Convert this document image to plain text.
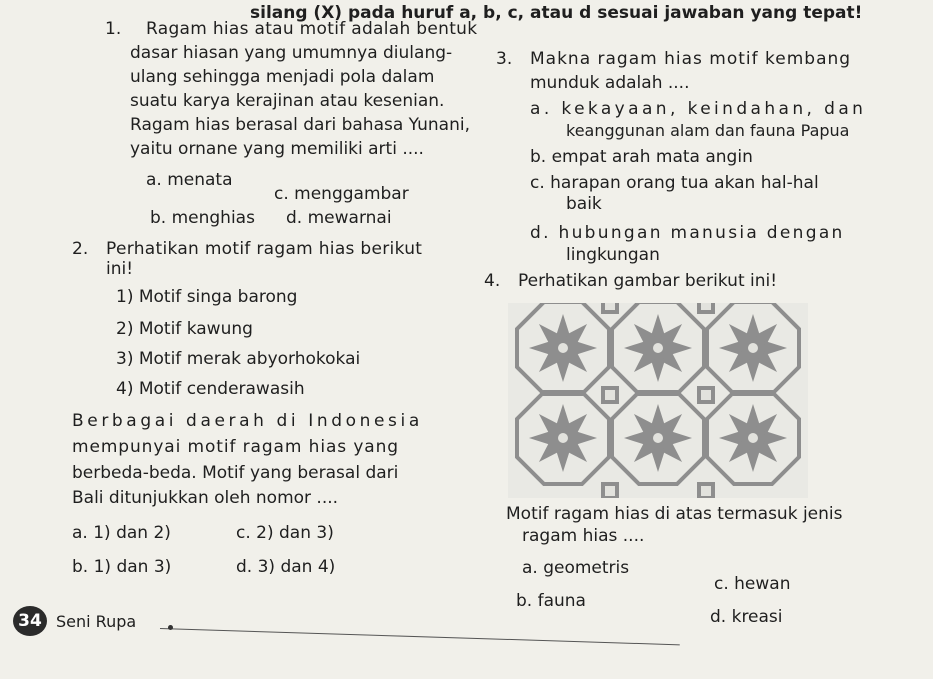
silang (X) pada huruf a, b, c, atau d sesuai jawaban yang tepat!
1. Ragam hias atau motif adalah bentuk
dasar hiasan yang umumnya diulang-
ulang sehingga menjadi pola dalam
suatu karya kerajinan atau kesenian.
Ragam hias berasal dari bahasa Yunani,
yaitu ornane yang memiliki arti ....
a. menata
c. menggambar
b. menghias d. mewarnai
2. Perhatikan motif ragam hias berikut
ini!
1) Motif singa barong
2) Motif kawung
3) Motif merak abyorhokokai
4) Motif cenderawasih
Berbagai daerah di Indonesia
mempunyai motif ragam hias yang
berbeda-beda. Motif yang berasal dari
Bali ditunjukkan oleh nomor ....
a. 1) dan 2)	c. 2) dan 3)
b. 1) dan 3)	d. 3) dan 4)
3. Makna ragam hias motif kembang
munduk adalah ....
a. kekayaan, keindahan, dan
keanggunan alam dan fauna Papua
b. empat arah mata angin
c. harapan orang tua akan hal-hal
baik
d. hubungan manusia dengan
lingkungan
4. Perhatikan gambar berikut ini!
Motif ragam hias di atas termasuk jenis
ragam hias ....
a. geometris
c. hewan
b. fauna
d. kreasi
34 Seni Rupa
